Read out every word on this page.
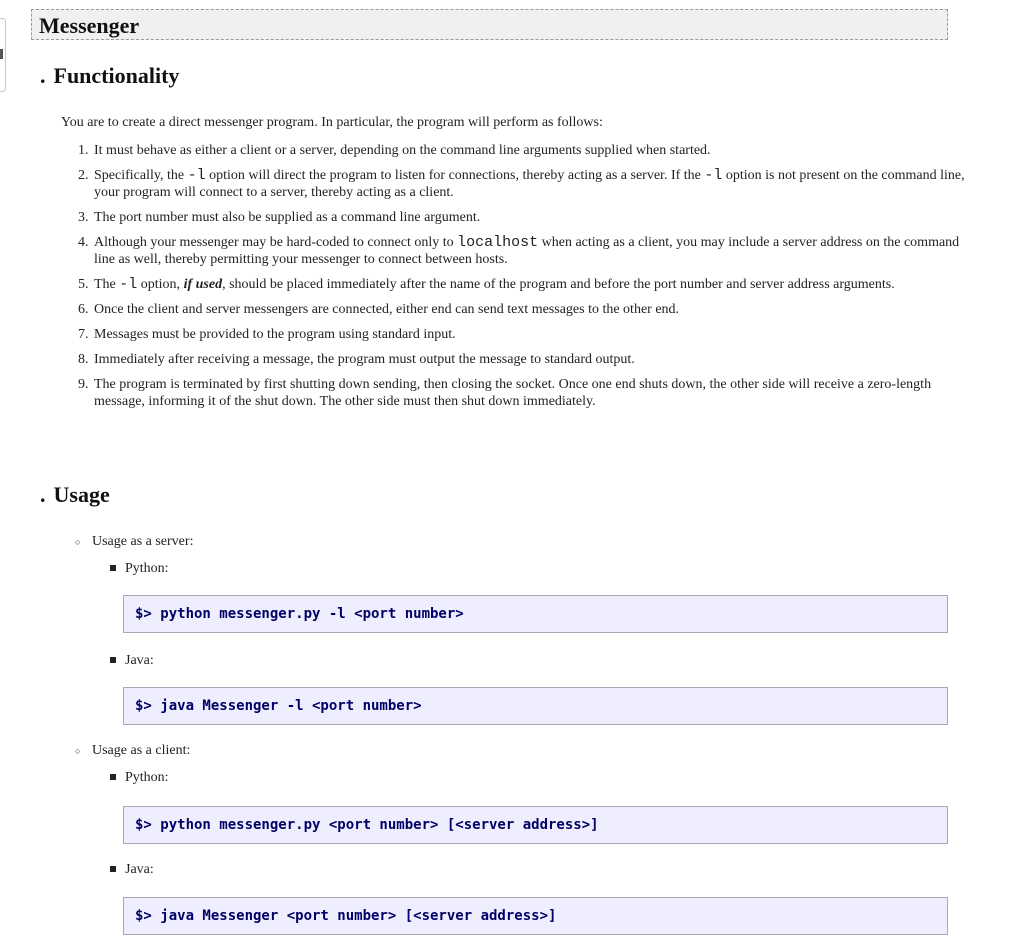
Messenger
. Functionality
You are to create a direct messenger program. In particular, the program will perform as follows:
1. It must behave as either a client or a server, depending on the command line arguments supplied when started.
2. Specifically, the -l option will direct the program to listen for connections, thereby acting as a server. If the -l option is not present on the command line, your program will connect to a server, thereby acting as a client.
3. The port number must also be supplied as a command line argument.
4. Although your messenger may be hard-coded to connect only to localhost when acting as a client, you may include a server address on the command line as well, thereby permitting your messenger to connect between hosts.
5. The -l option, if used, should be placed immediately after the name of the program and before the port number and server address arguments.
6. Once the client and server messengers are connected, either end can send text messages to the other end.
7. Messages must be provided to the program using standard input.
8. Immediately after receiving a message, the program must output the message to standard output.
9. The program is terminated by first shutting down sending, then closing the socket. Once one end shuts down, the other side will receive a zero-length message, informing it of the shut down. The other side must then shut down immediately.
. Usage
○ Usage as a server:
Python:
$> python messenger.py -l <port number>
Java:
$> java Messenger -l <port number>
○ Usage as a client:
Python:
$> python messenger.py <port number> [<server address>]
Java:
$> java Messenger <port number> [<server address>]
